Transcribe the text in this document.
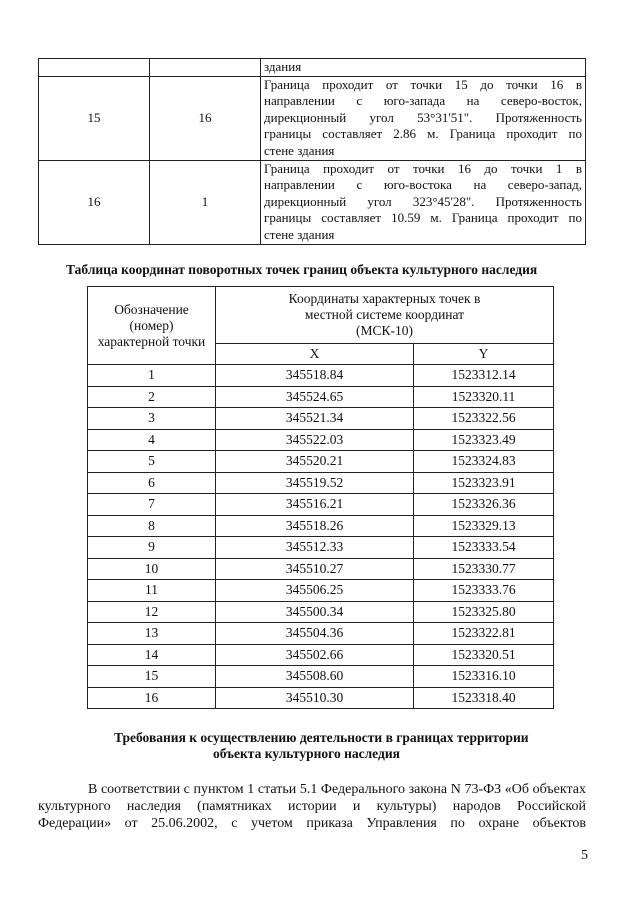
		здания

15	16	Граница проходит от точки 15 до точки 16 в
направлении с юго-запада на северо-восток,
дирекционный угол 53°31'51". Протяженность
границы составляет 2.86 м. Граница проходит по
стене здания

16	1	Граница проходит от точки 16 до точки 1 в
направлении с юго-востока на северо-запад,
дирекционный угол 323°45'28". Протяженность
границы составляет 10.59 м. Граница проходит по
стене здания
Таблица координат поворотных точек границ объекта культурного наследия
Обозначение (номер) характерной точки	Координаты характерных точек в местной системе координат (МСК-10)	
	X	Y
1	345518.84	1523312.14
2	345524.65	1523320.11
3	345521.34	1523322.56
4	345522.03	1523323.49
5	345520.21	1523324.83
6	345519.52	1523323.91
7	345516.21	1523326.36
8	345518.26	1523329.13
9	345512.33	1523333.54
10	345510.27	1523330.77
11	345506.25	1523333.76
12	345500.34	1523325.80
13	345504.36	1523322.81
14	345502.66	1523320.51
15	345508.60	1523316.10
16	345510.30	1523318.40
Требования к осуществлению деятельности в границах территории
объекта культурного наследия
В соответствии с пунктом 1 статьи 5.1 Федерального закона N 73-ФЗ «Об объектах
культурного наследия (памятниках истории и культуры) народов Российской
Федерации» от 25.06.2002, с учетом приказа Управления по охране объектов
5
